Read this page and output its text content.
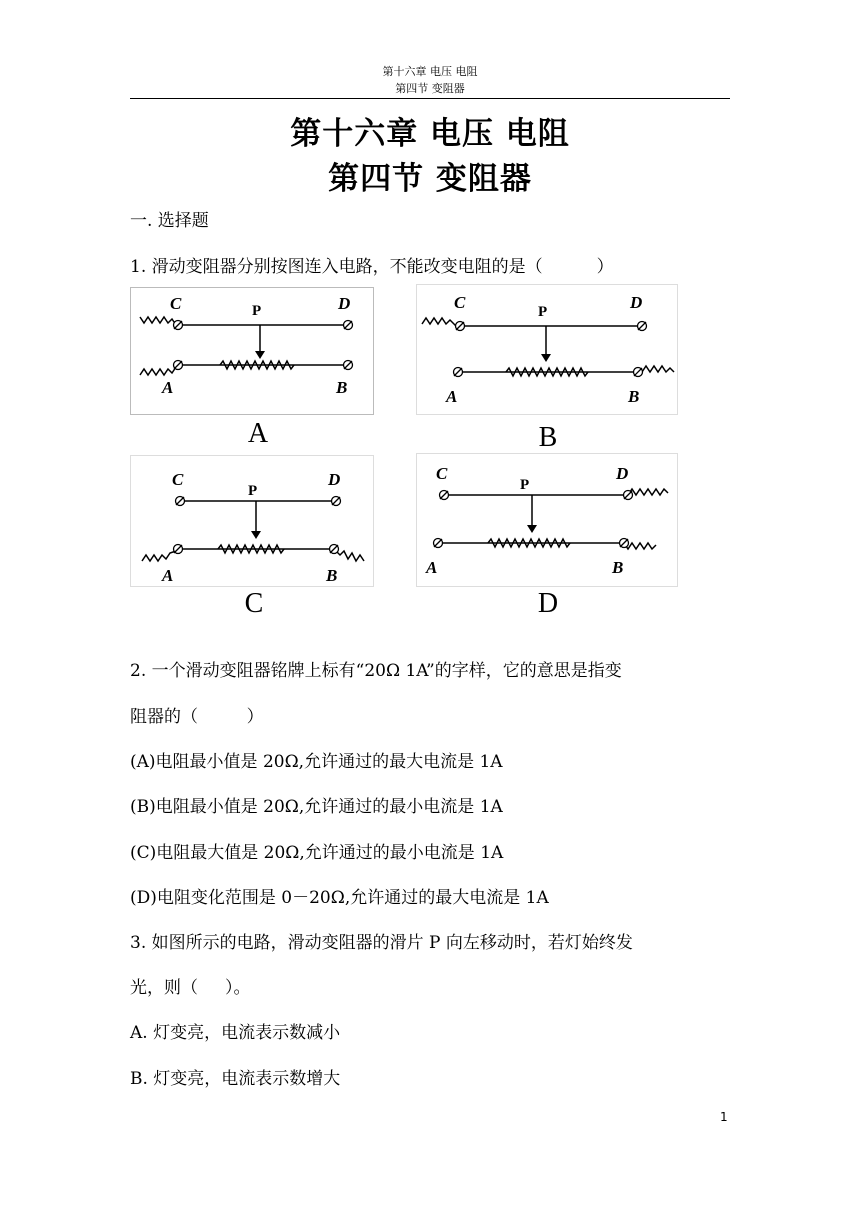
第十六章 电压 电阻
第四节 变阻器
第十六章 电压 电阻
第四节 变阻器
一. 选择题
1. 滑动变阻器分别按图连入电路，不能改变电阻的是（          ）
C	D
P
A	B
A
C	D
P
A	B
B
C	D
P
A	B
C
C	D
P
A	B
D
2. 一个滑动变阻器铭牌上标有“20Ω 1A”的字样，它的意思是指变
阻器的（         ）
(A)电阻最小值是 20Ω,允许通过的最大电流是 1A
(B)电阻最小值是 20Ω,允许通过的最小电流是 1A
(C)电阻最大值是 20Ω,允许通过的最小电流是 1A
(D)电阻变化范围是 0－20Ω,允许通过的最大电流是 1A
3. 如图所示的电路，滑动变阻器的滑片 P 向左移动时，若灯始终发
光，则（     ）。
A. 灯变亮，电流表示数减小
B. 灯变亮，电流表示数增大
1
